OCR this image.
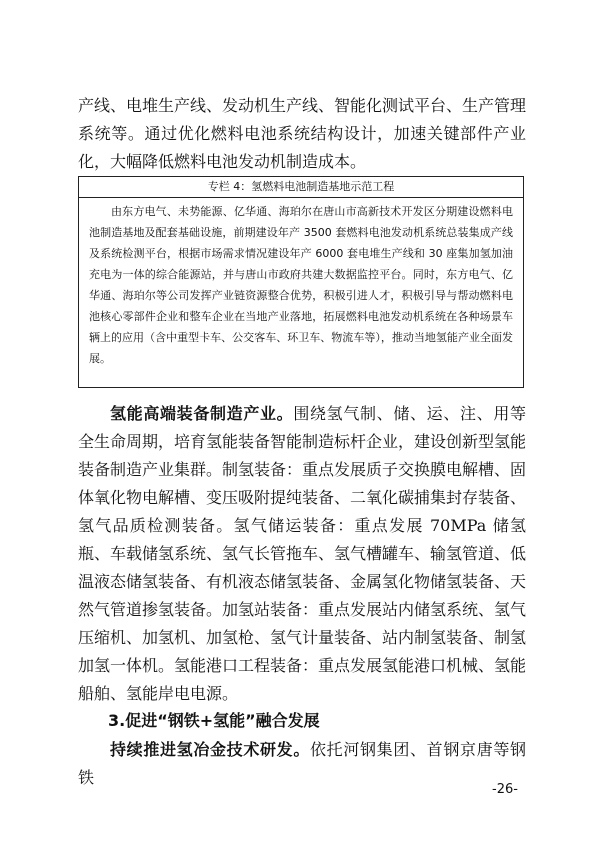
产线、电堆生产线、发动机生产线、智能化测试平台、生产管理系统等。通过优化燃料电池系统结构设计，加速关键部件产业化，大幅降低燃料电池发动机制造成本。

专栏 4：氢燃料电池制造基地示范工程
由东方电气、未势能源、亿华通、海珀尔在唐山市高新技术开发区分期建设燃料电池制造基地及配套基础设施，前期建设年产 3500 套燃料电池发动机系统总装集成产线及系统检测平台，根据市场需求情况建设年产 6000 套电堆生产线和 30 座集加氢加油充电为一体的综合能源站，并与唐山市政府共建大数据监控平台。同时，东方电气、亿华通、海珀尔等公司发挥产业链资源整合优势，积极引进人才，积极引导与帮动燃料电池核心零部件企业和整车企业在当地产业落地，拓展燃料电池发动机系统在各种场景车辆上的应用（含中重型卡车、公交客车、环卫车、物流车等），推动当地氢能产业全面发展。

氢能高端装备制造产业。围绕氢气制、储、运、注、用等全生命周期，培育氢能装备智能制造标杆企业，建设创新型氢能装备制造产业集群。制氢装备：重点发展质子交换膜电解槽、固体氧化物电解槽、变压吸附提纯装备、二氧化碳捕集封存装备、氢气品质检测装备。氢气储运装备：重点发展 70MPa 储氢瓶、车载储氢系统、氢气长管拖车、氢气槽罐车、输氢管道、低温液态储氢装备、有机液态储氢装备、金属氢化物储氢装备、天然气管道掺氢装备。加氢站装备：重点发展站内储氢系统、氢气压缩机、加氢机、加氢枪、氢气计量装备、站内制氢装备、制氢加氢一体机。氢能港口工程装备：重点发展氢能港口机械、氢能船舶、氢能岸电电源。

3.促进“钢铁+氢能”融合发展

持续推进氢冶金技术研发。依托河钢集团、首钢京唐等钢铁

-26-
